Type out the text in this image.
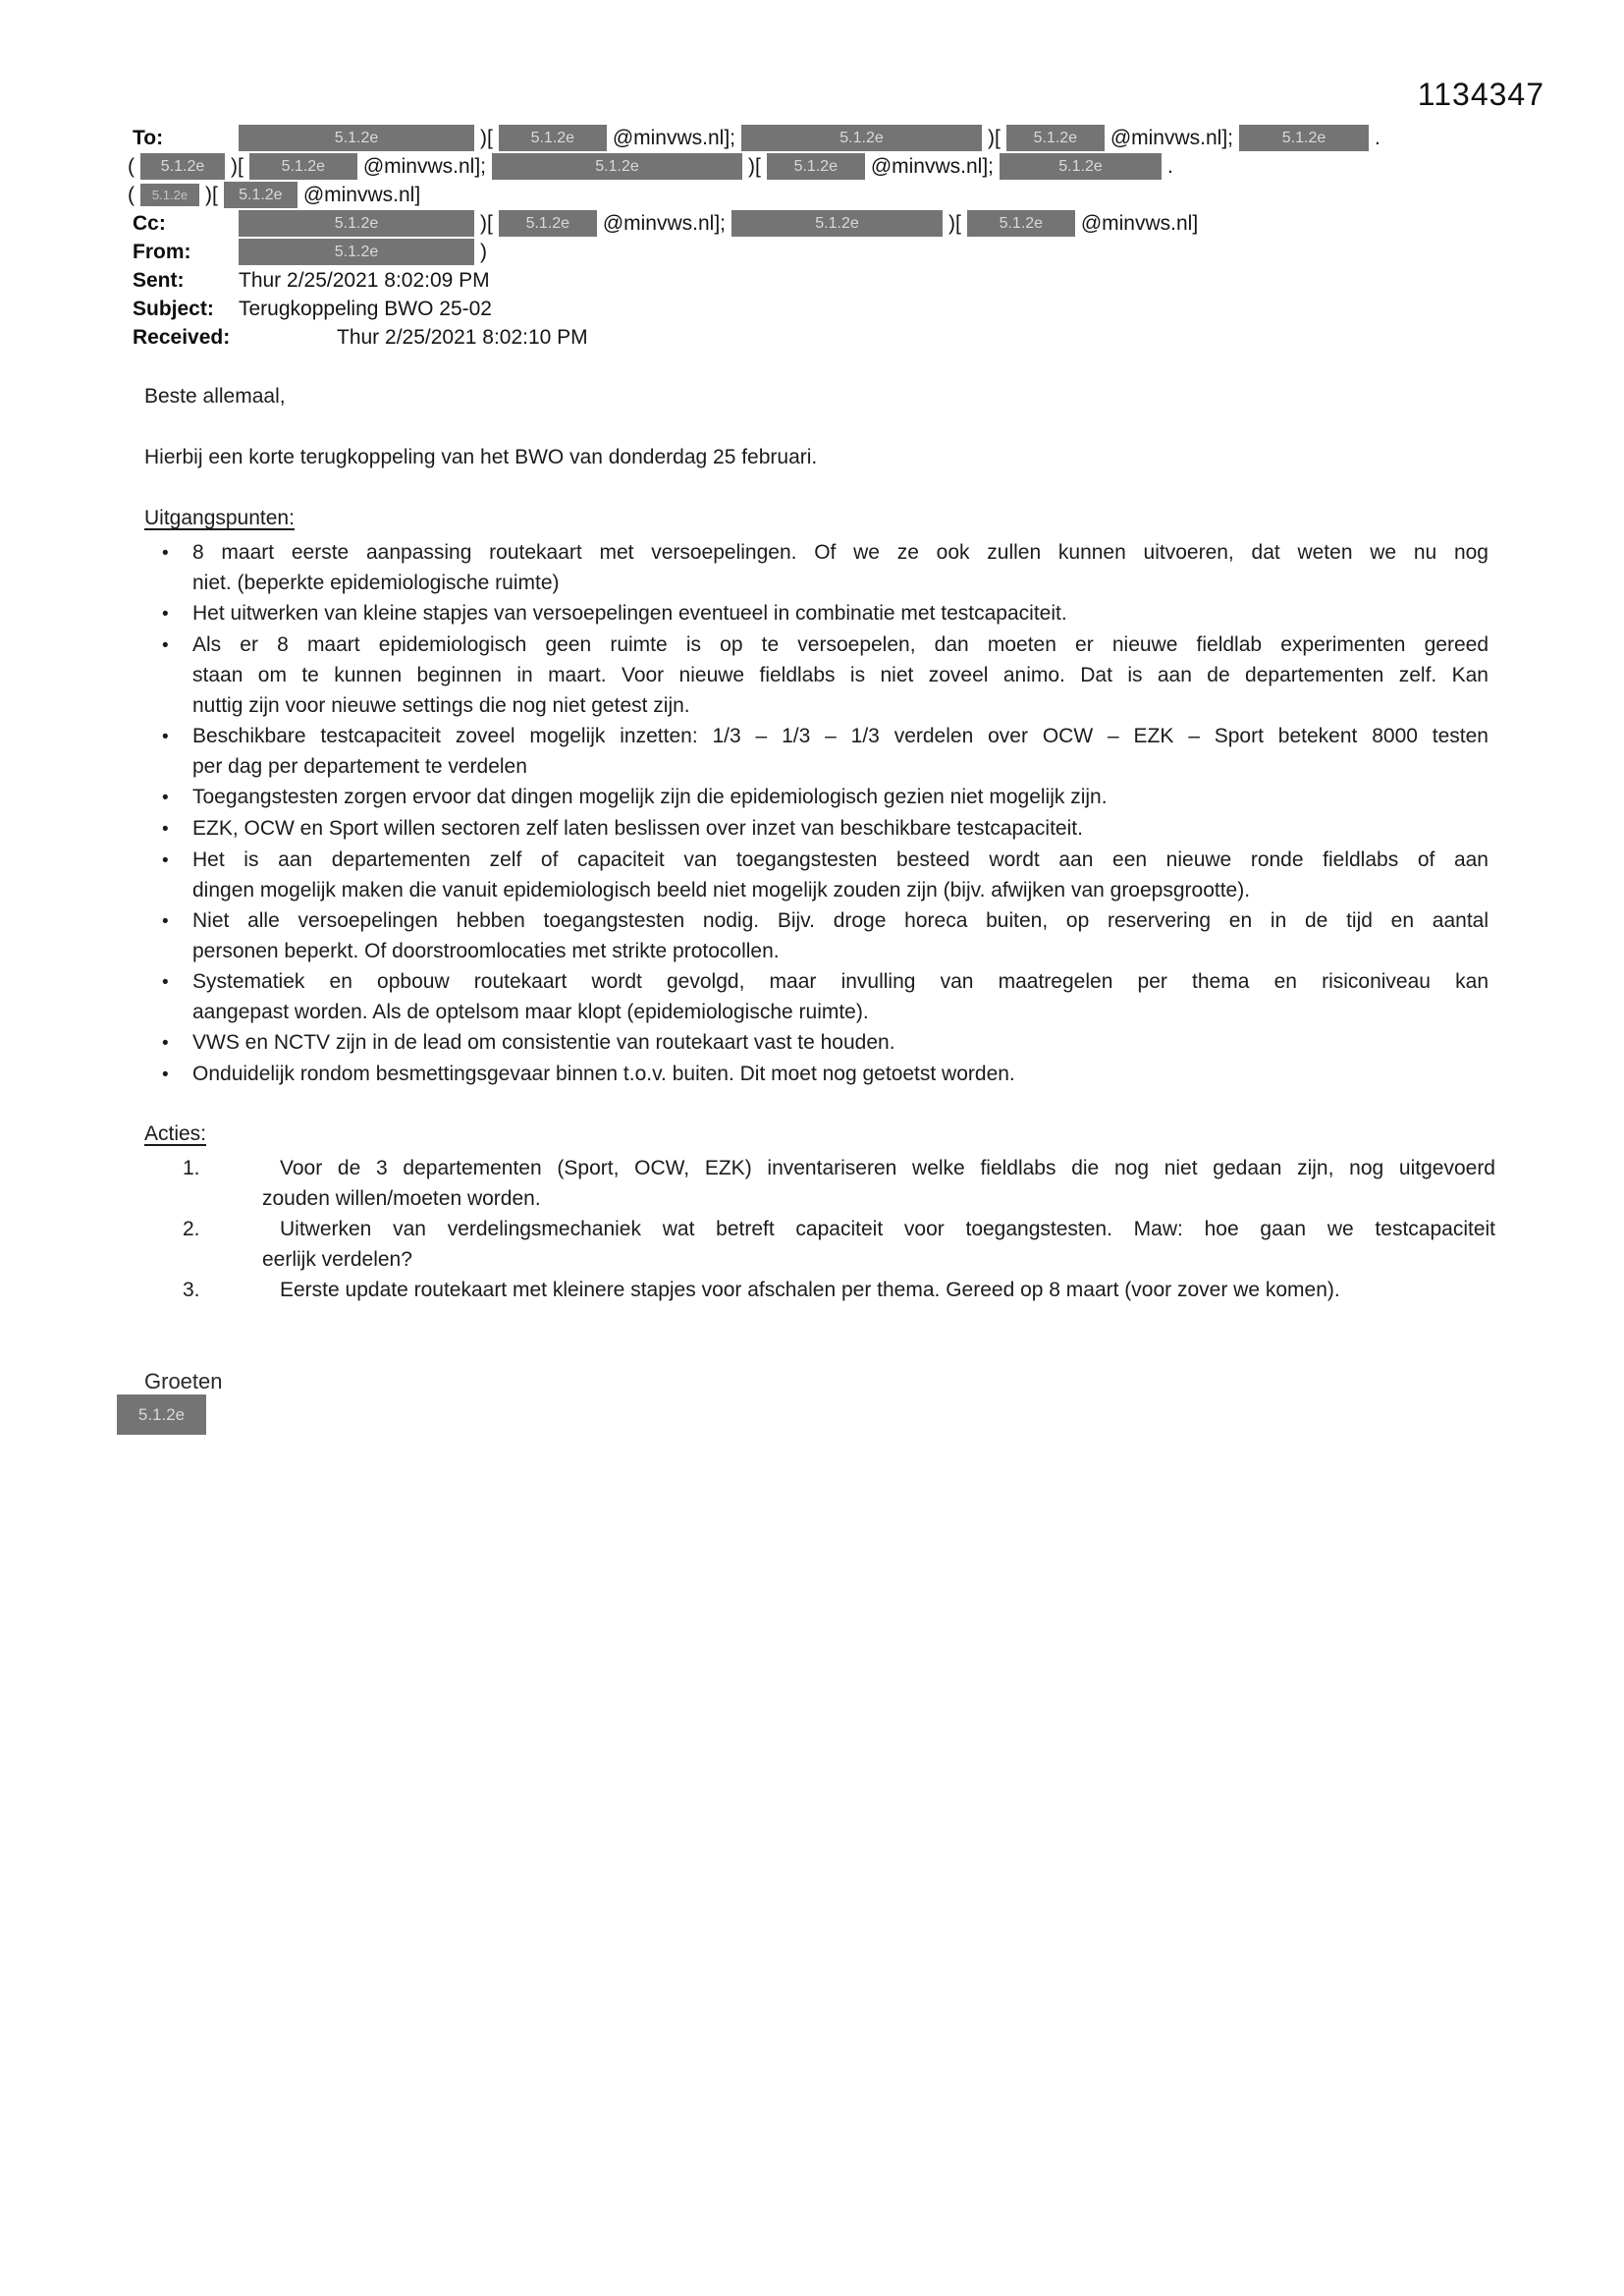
1134347
To:	5.1.2e	)[	5.1.2e	@minvws.nl];	5.1.2e	)[	5.1.2e	@minvws.nl];	5.1.2e	.
(	5.1.2e	)[	5.1.2e	@minvws.nl];	5.1.2e	)[	5.1.2e	@minvws.nl];	5.1.2e	.
(	5.1.2e )[	5.1.2e	@minvws.nl]
Cc:	5.1.2e	)[	5.1.2e	@minvws.nl];	5.1.2e	)[	5.1.2e	@minvws.nl]
From:	5.1.2e	)
Sent:	Thur 2/25/2021 8:02:09 PM
Subject:	Terugkoppeling BWO 25-02
Received:	Thur 2/25/2021 8:02:10 PM
Beste allemaal,
Hierbij een korte terugkoppeling van het BWO van donderdag 25 februari.
Uitgangspunten:
•
8 maart eerste aanpassing routekaart met versoepelingen. Of we ze ook zullen kunnen uitvoeren, dat weten we nu nog
niet. (beperkte epidemiologische ruimte)
•
Het uitwerken van kleine stapjes van versoepelingen eventueel in combinatie met testcapaciteit.
•
Als er 8 maart epidemiologisch geen ruimte is op te versoepelen, dan moeten er nieuwe fieldlab experimenten gereed
staan om te kunnen beginnen in maart. Voor nieuwe fieldlabs is niet zoveel animo. Dat is aan de departementen zelf. Kan
nuttig zijn voor nieuwe settings die nog niet getest zijn.
•
Beschikbare testcapaciteit zoveel mogelijk inzetten: 1/3 – 1/3 – 1/3 verdelen over OCW – EZK – Sport betekent 8000 testen
per dag per departement te verdelen
•
Toegangstesten zorgen ervoor dat dingen mogelijk zijn die epidemiologisch gezien niet mogelijk zijn.
•
EZK, OCW en Sport willen sectoren zelf laten beslissen over inzet van beschikbare testcapaciteit.
•
Het is aan departementen zelf of capaciteit van toegangstesten besteed wordt aan een nieuwe ronde fieldlabs of aan
dingen mogelijk maken die vanuit epidemiologisch beeld niet mogelijk zouden zijn (bijv. afwijken van groepsgrootte).
•
Niet alle versoepelingen hebben toegangstesten nodig. Bijv. droge horeca buiten, op reservering en in de tijd en aantal
personen beperkt. Of doorstroomlocaties met strikte protocollen.
•
Systematiek en opbouw routekaart wordt gevolgd, maar invulling van maatregelen per thema en risiconiveau kan
aangepast worden. Als de optelsom maar klopt (epidemiologische ruimte).
•
VWS en NCTV zijn in de lead om consistentie van routekaart vast te houden.
•
Onduidelijk rondom besmettingsgevaar binnen t.o.v. buiten. Dit moet nog getoetst worden.
Acties:
1.	Voor de 3 departementen (Sport, OCW, EZK) inventariseren welke fieldlabs die nog niet gedaan zijn, nog uitgevoerd
zouden willen/moeten worden.
2.	Uitwerken van verdelingsmechaniek wat betreft capaciteit voor toegangstesten. Maw: hoe gaan we testcapaciteit
eerlijk verdelen?
3.	Eerste update routekaart met kleinere stapjes voor afschalen per thema. Gereed op 8 maart (voor zover we komen).
Groeten
5.1.2e
